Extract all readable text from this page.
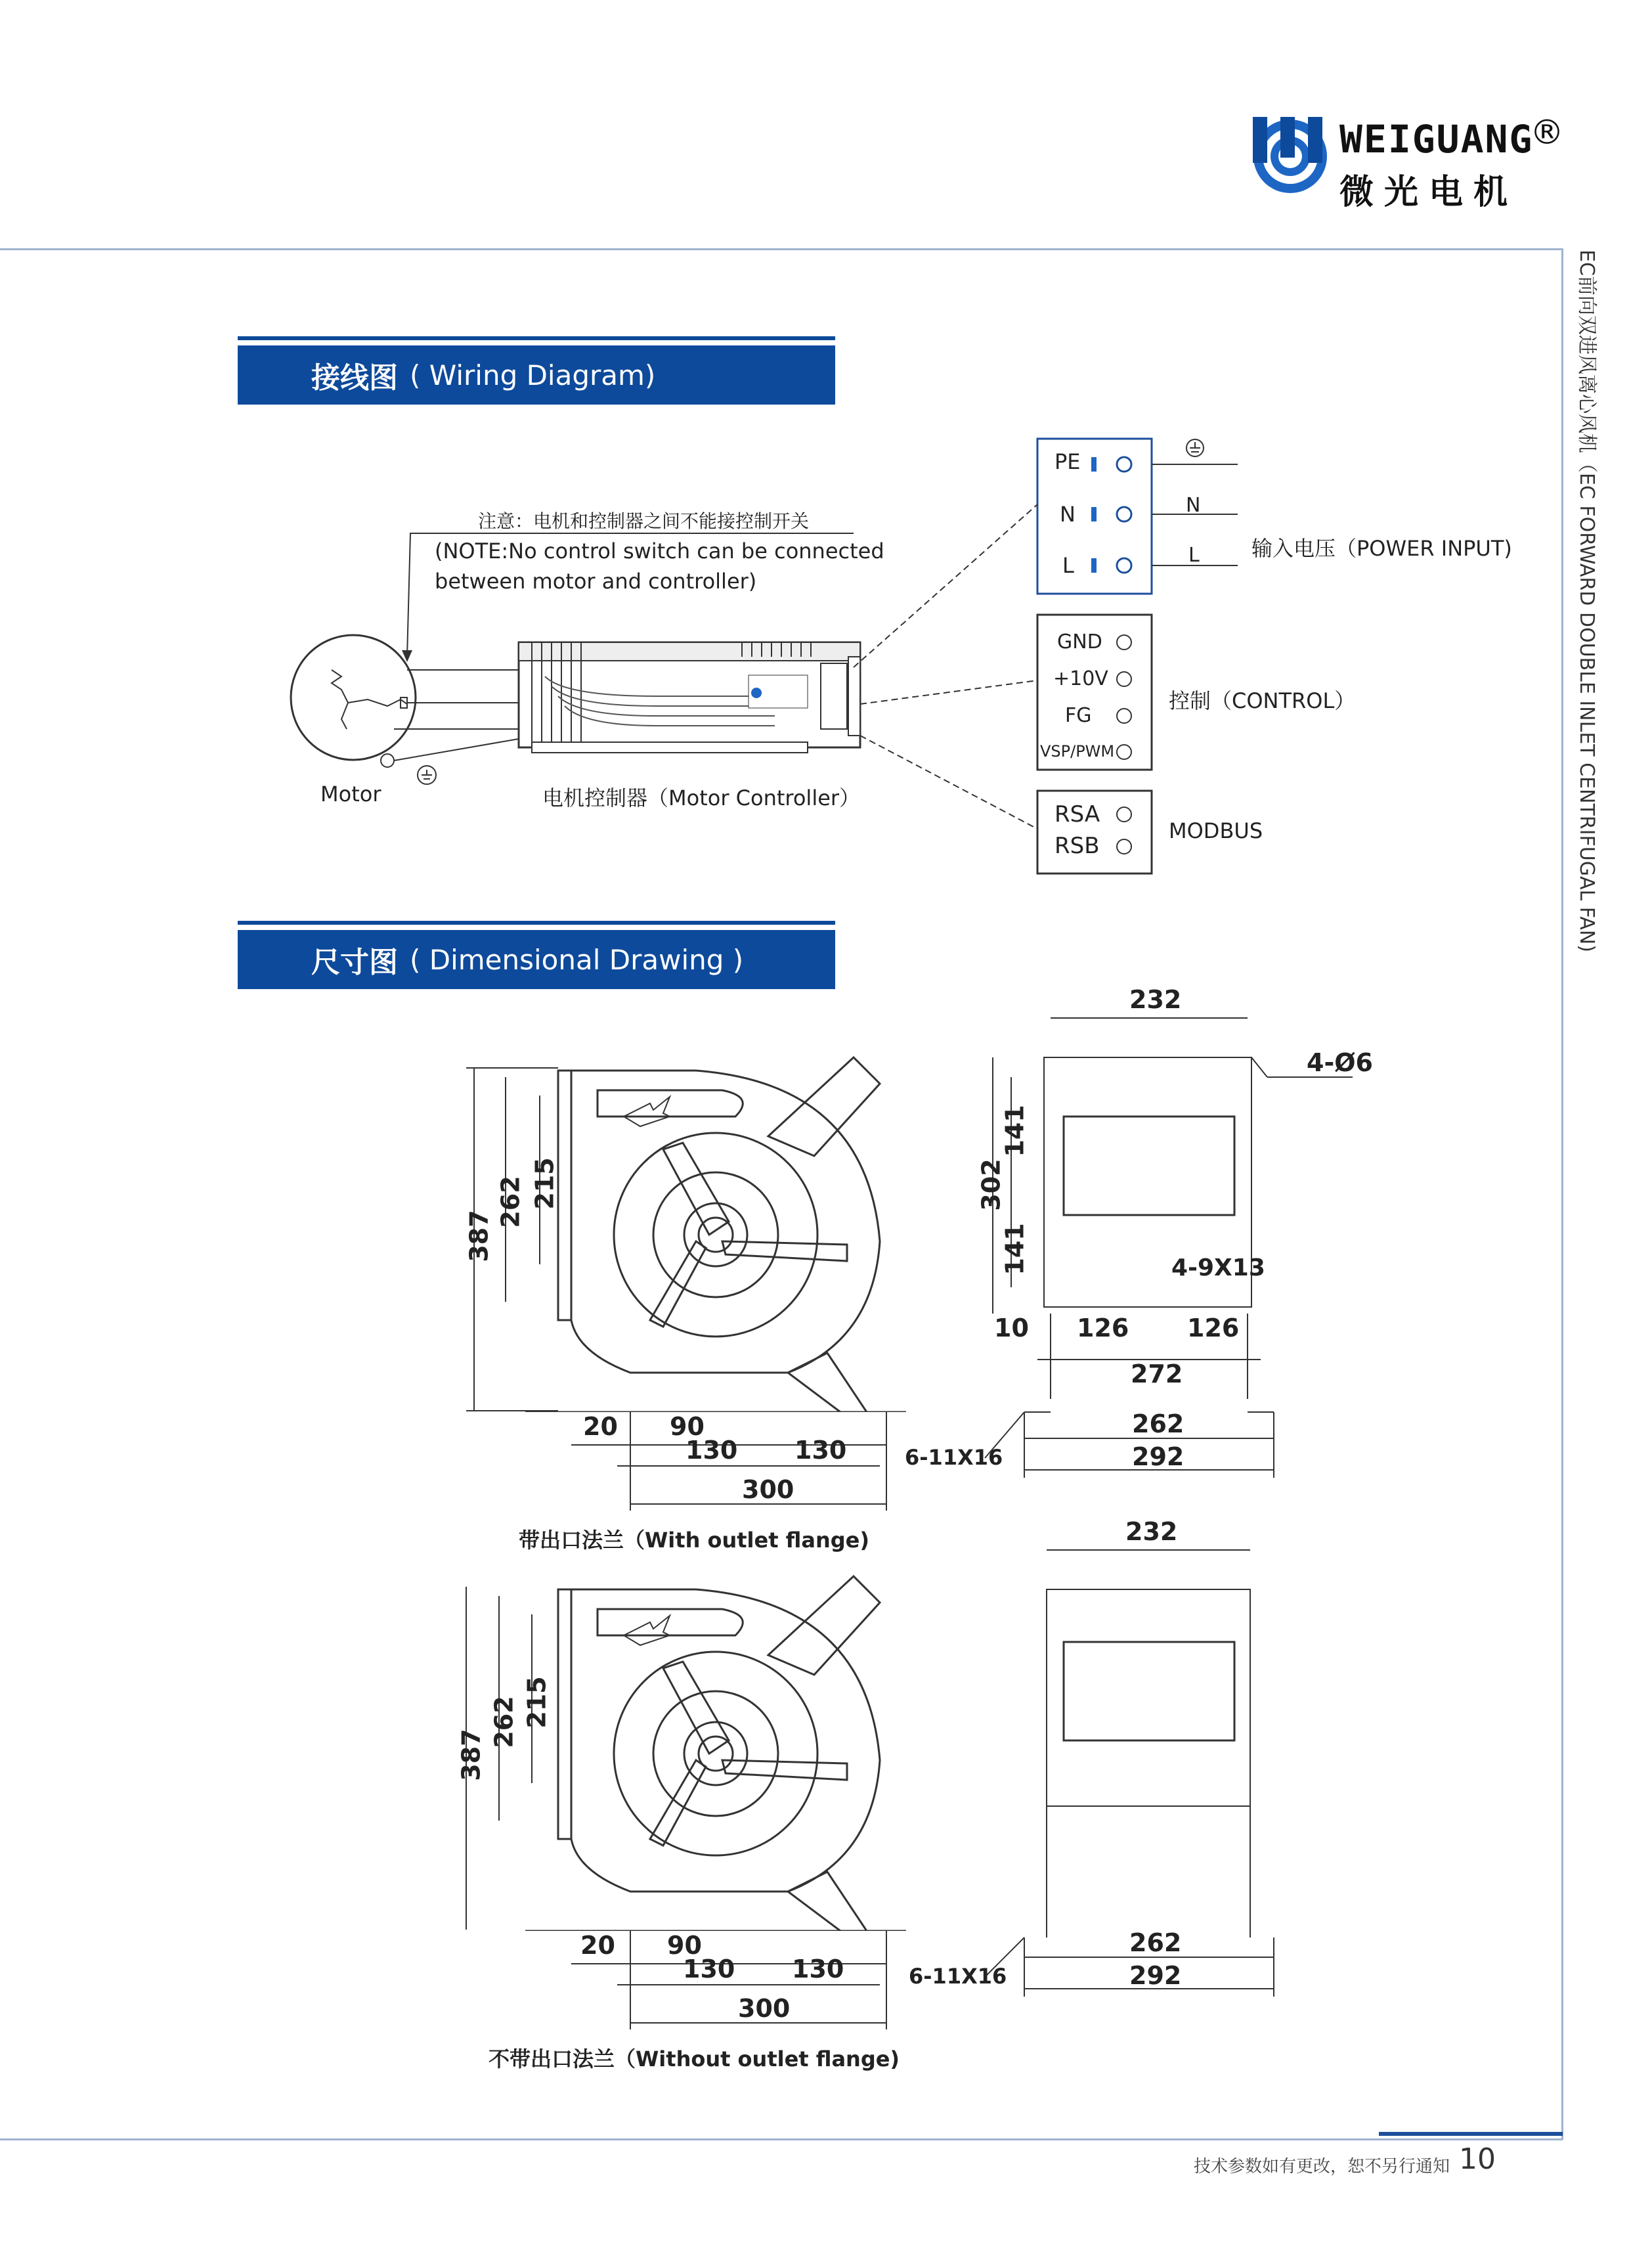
WEIGUANG
®
微光电机
EC前向双进风离心风机（EC FORWARD DOUBLE INLET CENTRIFUGAL FAN)
接线图 ( Wiring Diagram)
注意：电机和控制器之间不能接控制开关
(NOTE:No control switch can be connected
between motor and controller)
Motor	电机控制器（Motor Controller）
PE
N
L
N
L 输入电压（POWER INPUT)
GND
+10V
FG
VSP/PWM
控制（CONTROL）
RSA
RSB
MODBUS
尺寸图 ( Dimensional Drawing )
387
262 215
20 90
130 130
300
带出口法兰（With outlet flange)
232
4-Ø6
302
141
141	4-9X13
10 126 126
272
262
292
6-11X16
387
262 215
20 90
130 130
300
不带出口法兰（Without outlet flange)
232
262
292
6-11X16
技术参数如有更改，恕不另行通知 10
